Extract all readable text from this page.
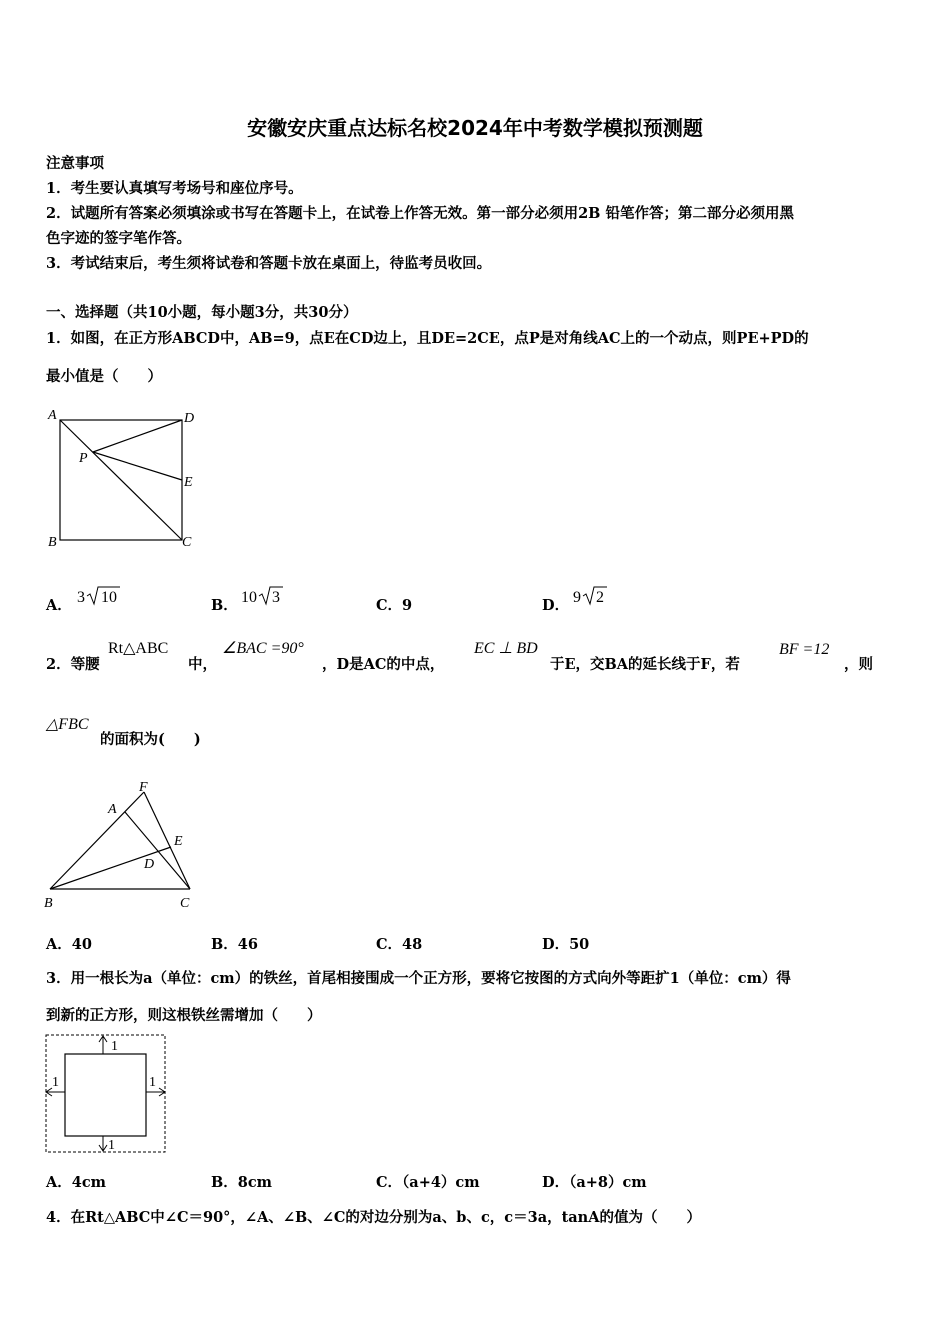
安徽安庆重点达标名校2024年中考数学模拟预测题
注意事项
1．考生要认真填写考场号和座位序号。
2．试题所有答案必须填涂或书写在答题卡上，在试卷上作答无效。第一部分必须用2B 铅笔作答；第二部分必须用黑
色字迹的签字笔作答。
3．考试结束后，考生须将试卷和答题卡放在桌面上，待监考员收回。
一、选择题（共10小题，每小题3分，共30分）
1．如图，在正方形ABCD中，AB=9，点E在CD边上，且DE=2CE，点P是对角线AC上的一个动点，则PE+PD的
最小值是（　　）
A	D
P
E
B	C
A． 3 10	B． 10 3	C．9	D． 9 2
2．等腰
Rt△ABC
中，
∠BAC =90°
，D是AC的中点，
EC ⊥ BD
于E，交BA的延长线于F，若
BF =12
，则
△FBC
的面积为(　　)
F
A
E
D
B	C
A．40	B．46	C．48	D．50
3．用一根长为a（单位：cm）的铁丝，首尾相接围成一个正方形，要将它按图的方式向外等距扩1（单位：cm）得
到新的正方形，则这根铁丝需增加（　　）
1
1
1	1
A．4cm	B．8cm	C．（a+4）cm	D．（a+8）cm
4．在Rt△ABC中∠C＝90°，∠A、∠B、∠C的对边分别为a、b、c，c＝3a，tanA的值为（　　）
